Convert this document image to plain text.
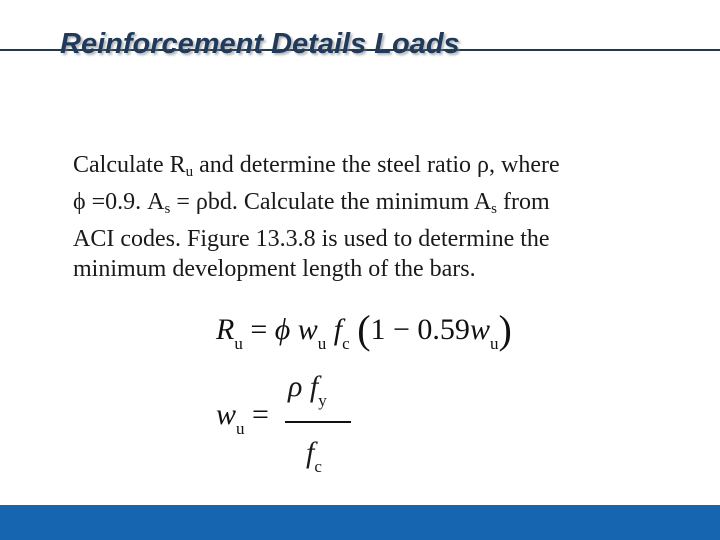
Reinforcement Details Loads
Calculate $R_u$ and determine the steel ratio ρ, where
ϕ =0.9. $A_s = \rho bd$. Calculate the minimum $A_s$ from
ACI codes. Figure 13.3.8 is used to determine the
minimum development length of the bars.
$R_u = \phi$ $w_u$ $f_c$ $(1 - 0.59w_u)$
$w_u$ =
ρ $f_y$
$f_c$
